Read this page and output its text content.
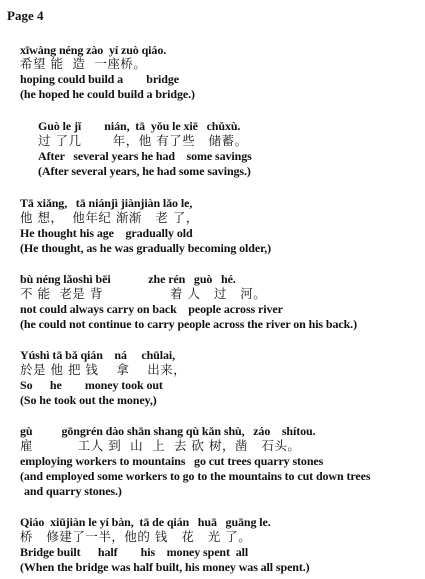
Page 4
xīwàng néng zào  yí zuò qiáo.
希望 能  造  一座桥。
hoping could build a        bridge
(he hoped he could build a bridge.)
Guò le jǐ        nián,  tā  yǒu le xiē   chǔxù.
过 了几       年，他 有了些   储蓄。
After   several years he had    some savings
(After several years, he had some savings.)
Tā xiǎng,   tā niánjì jiànjiàn lǎo le,
他 想，  他年纪 渐渐   老 了，
He thought his age    gradually old
(He thought, as he was gradually becoming older,)
bù néng lǎoshì bēi             zhe rén   guò   hé.
不 能  老是 背               着 人   过   河。
not could always carry on back    people across river
(he could not continue to carry people across the river on his back.)
Yúshì tā bǎ qián    ná     chūlai,
於是 他 把 钱    拿    出来，
So      he        money took out
(So he took out the money,)
gù          gōngrén dào shān shang qù kǎn shù,   záo    shítou.
雇          工人 到  山  上  去 砍 树，凿   石头。
employing workers to mountains   go cut trees quarry stones
(and employed some workers to go to the mountains to cut down trees
and quarry stones.)
Qiáo  xiūjiàn le yí bàn,  tā de qián   huā   guāng le.
桥   修建了一半，他的 钱   花   光 了。
Bridge built      half        his    money spent  all
(When the bridge was half built, his money was all spent.)
